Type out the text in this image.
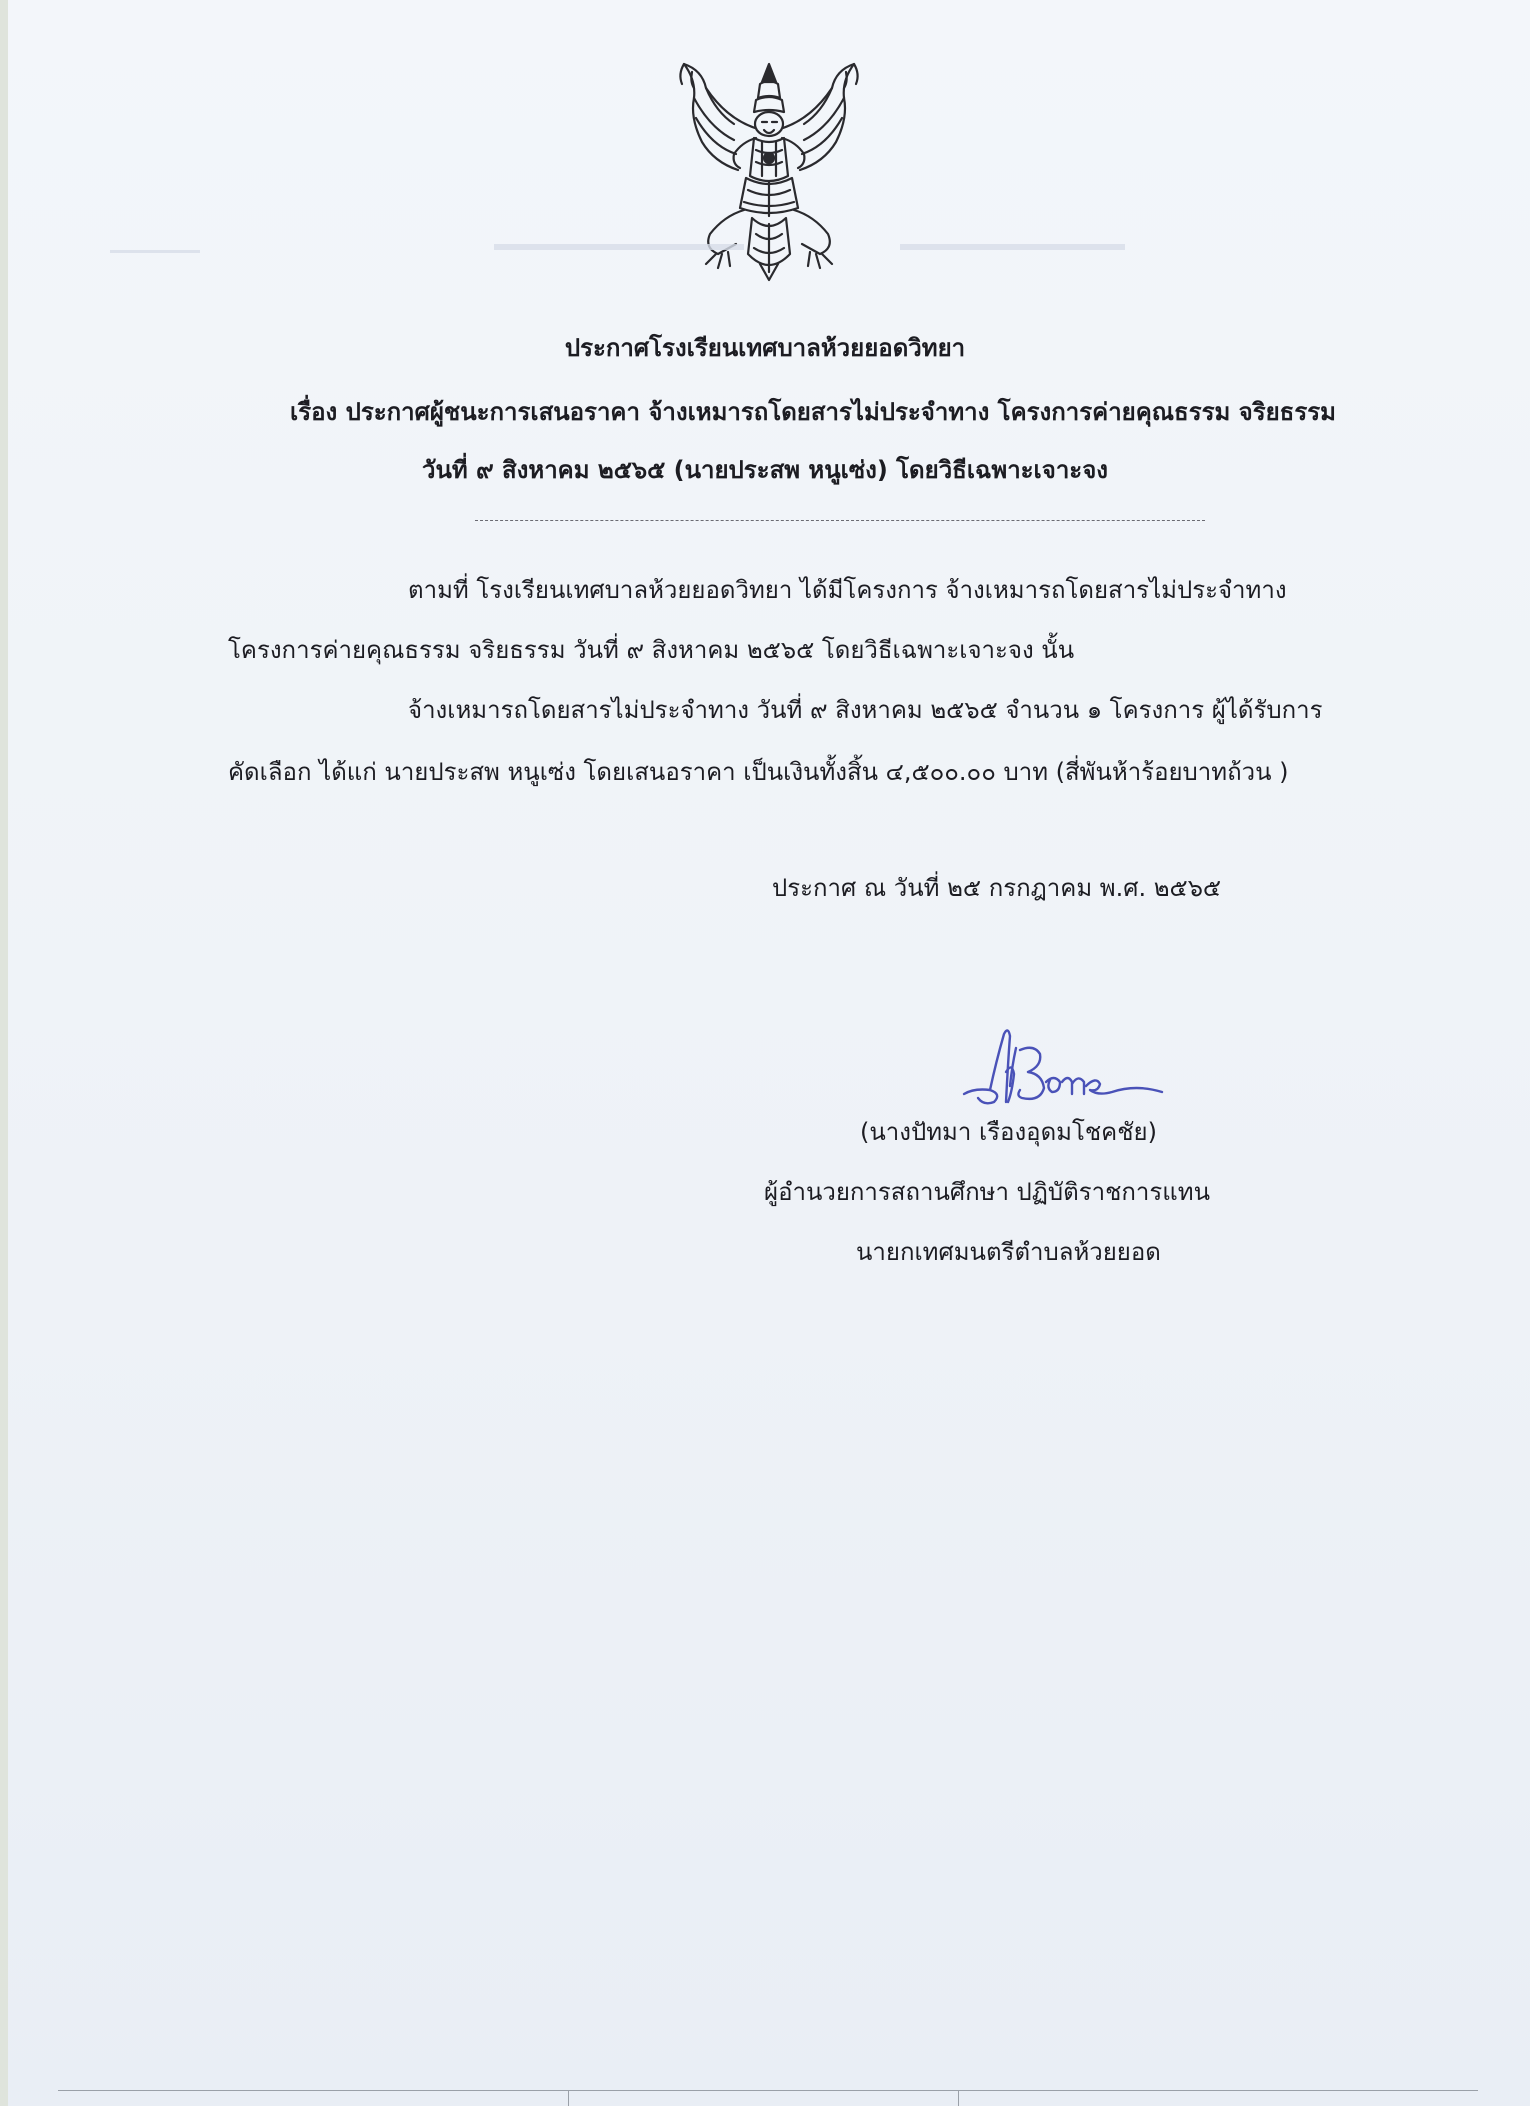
ประกาศโรงเรียนเทศบาลห้วยยอดวิทยา
เรื่อง ประกาศผู้ชนะการเสนอราคา จ้างเหมารถโดยสารไม่ประจำทาง โครงการค่ายคุณธรรม จริยธรรม
วันที่ ๙ สิงหาคม ๒๕๖๕ (นายประสพ หนูเซ่ง) โดยวิธีเฉพาะเจาะจง
ตามที่ โรงเรียนเทศบาลห้วยยอดวิทยา ได้มีโครงการ จ้างเหมารถโดยสารไม่ประจำทาง
โครงการค่ายคุณธรรม จริยธรรม วันที่ ๙ สิงหาคม ๒๕๖๕ โดยวิธีเฉพาะเจาะจง นั้น
จ้างเหมารถโดยสารไม่ประจำทาง วันที่ ๙ สิงหาคม ๒๕๖๕ จำนวน ๑ โครงการ ผู้ได้รับการ
คัดเลือก ได้แก่ นายประสพ หนูเซ่ง โดยเสนอราคา เป็นเงินทั้งสิ้น ๔,๕๐๐.๐๐ บาท (สี่พันห้าร้อยบาทถ้วน )
ประกาศ ณ วันที่ ๒๕ กรกฎาคม พ.ศ. ๒๕๖๕
(นางปัทมา เรืองอุดมโชคชัย)
ผู้อำนวยการสถานศึกษา ปฏิบัติราชการแทน
นายกเทศมนตรีตำบลห้วยยอด
